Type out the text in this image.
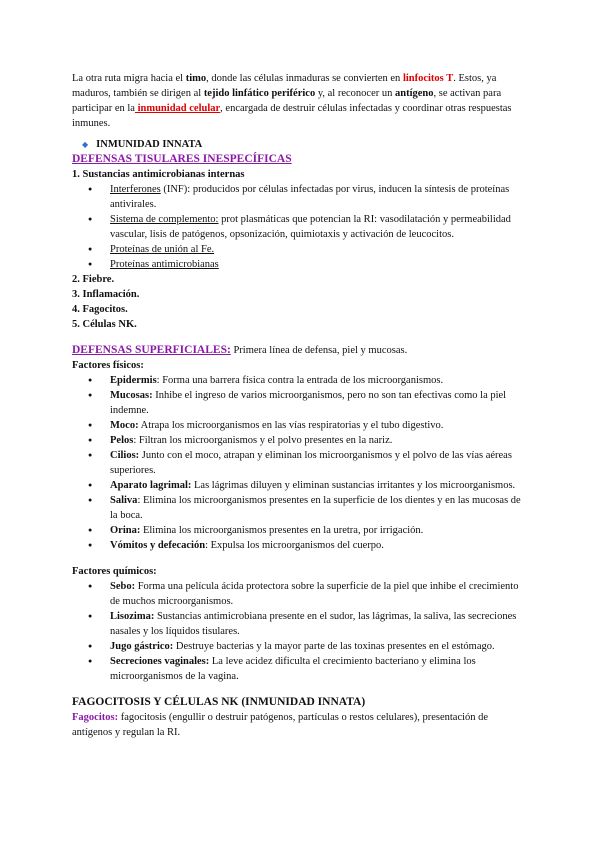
La otra ruta migra hacia el timo, donde las células inmaduras se convierten en linfocitos T. Estos, ya maduros, también se dirigen al tejido linfático periférico y, al reconocer un antígeno, se activan para participar en la inmunidad celular, encargada de destruir células infectadas y coordinar otras respuestas inmunes.

◆ INMUNIDAD INNATA

DEFENSAS TISULARES INESPECÍFICAS

1. Sustancias antimicrobianas internas

● Interferones (INF): producidos por células infectadas por virus, inducen la síntesis de proteínas antivirales.
● Sistema de complemento: prot plasmáticas que potencian la RI: vasodilatación y permeabilidad vascular, lisis de patógenos, opsonización, quimiotaxis y activación de leucocitos.
● Proteínas de unión al Fe.
● Proteínas antimicrobianas

2. Fiebre.

3. Inflamación.

4. Fagocitos.

5. Células NK.

DEFENSAS SUPERFICIALES: Primera línea de defensa, piel y mucosas.

Factores físicos:

● Epidermis: Forma una barrera física contra la entrada de los microorganismos.
● Mucosas: Inhibe el ingreso de varios microorganismos, pero no son tan efectivas como la piel indemne.
● Moco: Atrapa los microorganismos en las vías respiratorias y el tubo digestivo.
● Pelos: Filtran los microorganismos y el polvo presentes en la nariz.
● Cilios: Junto con el moco, atrapan y eliminan los microorganismos y el polvo de las vías aéreas superiores.
● Aparato lagrimal: Las lágrimas diluyen y eliminan sustancias irritantes y los microorganismos.
● Saliva: Elimina los microorganismos presentes en la superficie de los dientes y en las mucosas de la boca.
● Orina: Elimina los microorganismos presentes en la uretra, por irrigación.
● Vómitos y defecación: Expulsa los microorganismos del cuerpo.

Factores químicos:

● Sebo: Forma una película ácida protectora sobre la superficie de la piel que inhibe el crecimiento de muchos microorganismos.
● Lisozima: Sustancias antimicrobiana presente en el sudor, las lágrimas, la saliva, las secreciones nasales y los líquidos tisulares.
● Jugo gástrico: Destruye bacterias y la mayor parte de las toxinas presentes en el estómago.
● Secreciones vaginales: La leve acidez dificulta el crecimiento bacteriano y elimina los microorganismos de la vagina.

FAGOCITOSIS Y CÉLULAS NK (INMUNIDAD INNATA)

Fagocitos: fagocitosis (engullir o destruir patógenos, partículas o restos celulares), presentación de antígenos y regulan la RI.
